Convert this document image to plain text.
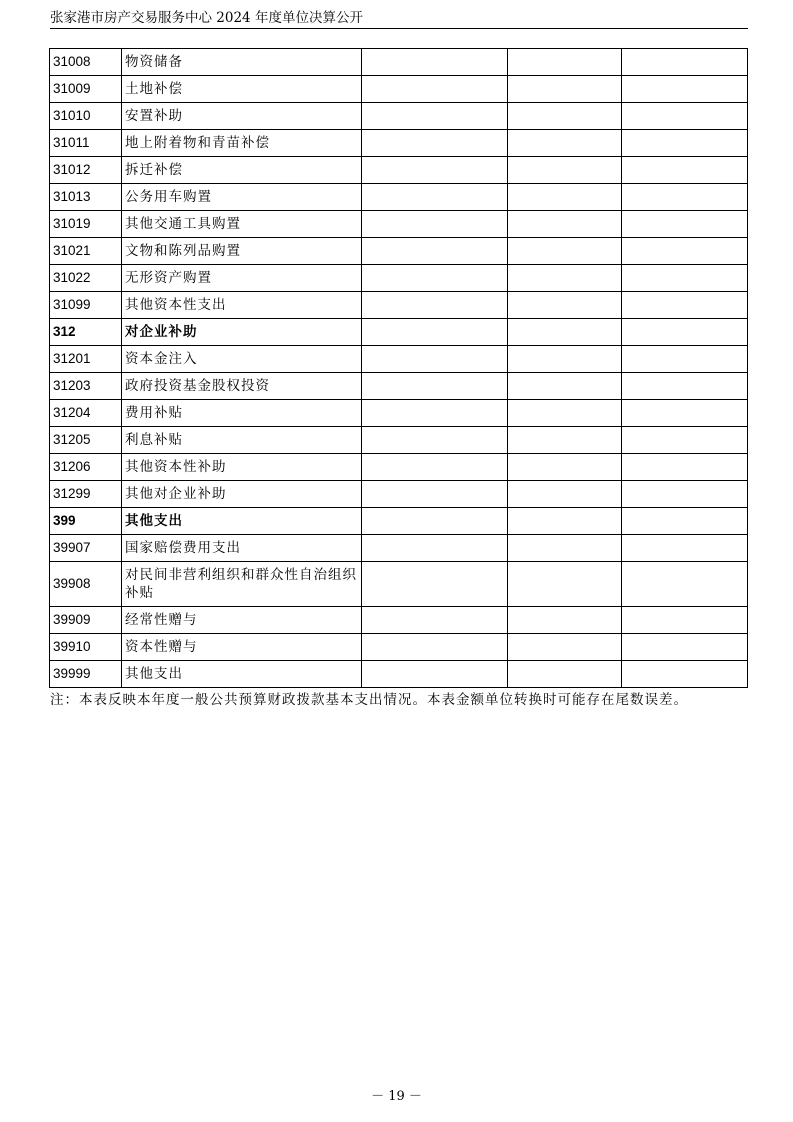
张家港市房产交易服务中心 2024 年度单位决算公开
31008	物资储备			
31009	土地补偿			
31010	安置补助			
31011	地上附着物和青苗补偿			
31012	拆迁补偿			
31013	公务用车购置			
31019	其他交通工具购置			
31021	文物和陈列品购置			
31022	无形资产购置			
31099	其他资本性支出			
312	对企业补助			
31201	资本金注入			
31203	政府投资基金股权投资			
31204	费用补贴			
31205	利息补贴			
31206	其他资本性补助			
31299	其他对企业补助			
399	其他支出			
39907	国家赔偿费用支出			
39908	对民间非营利组织和群众性自治组织补贴			
39909	经常性赠与			
39910	资本性赠与			
39999	其他支出			
注：本表反映本年度一般公共预算财政拨款基本支出情况。本表金额单位转换时可能存在尾数误差。
－ 19 －
